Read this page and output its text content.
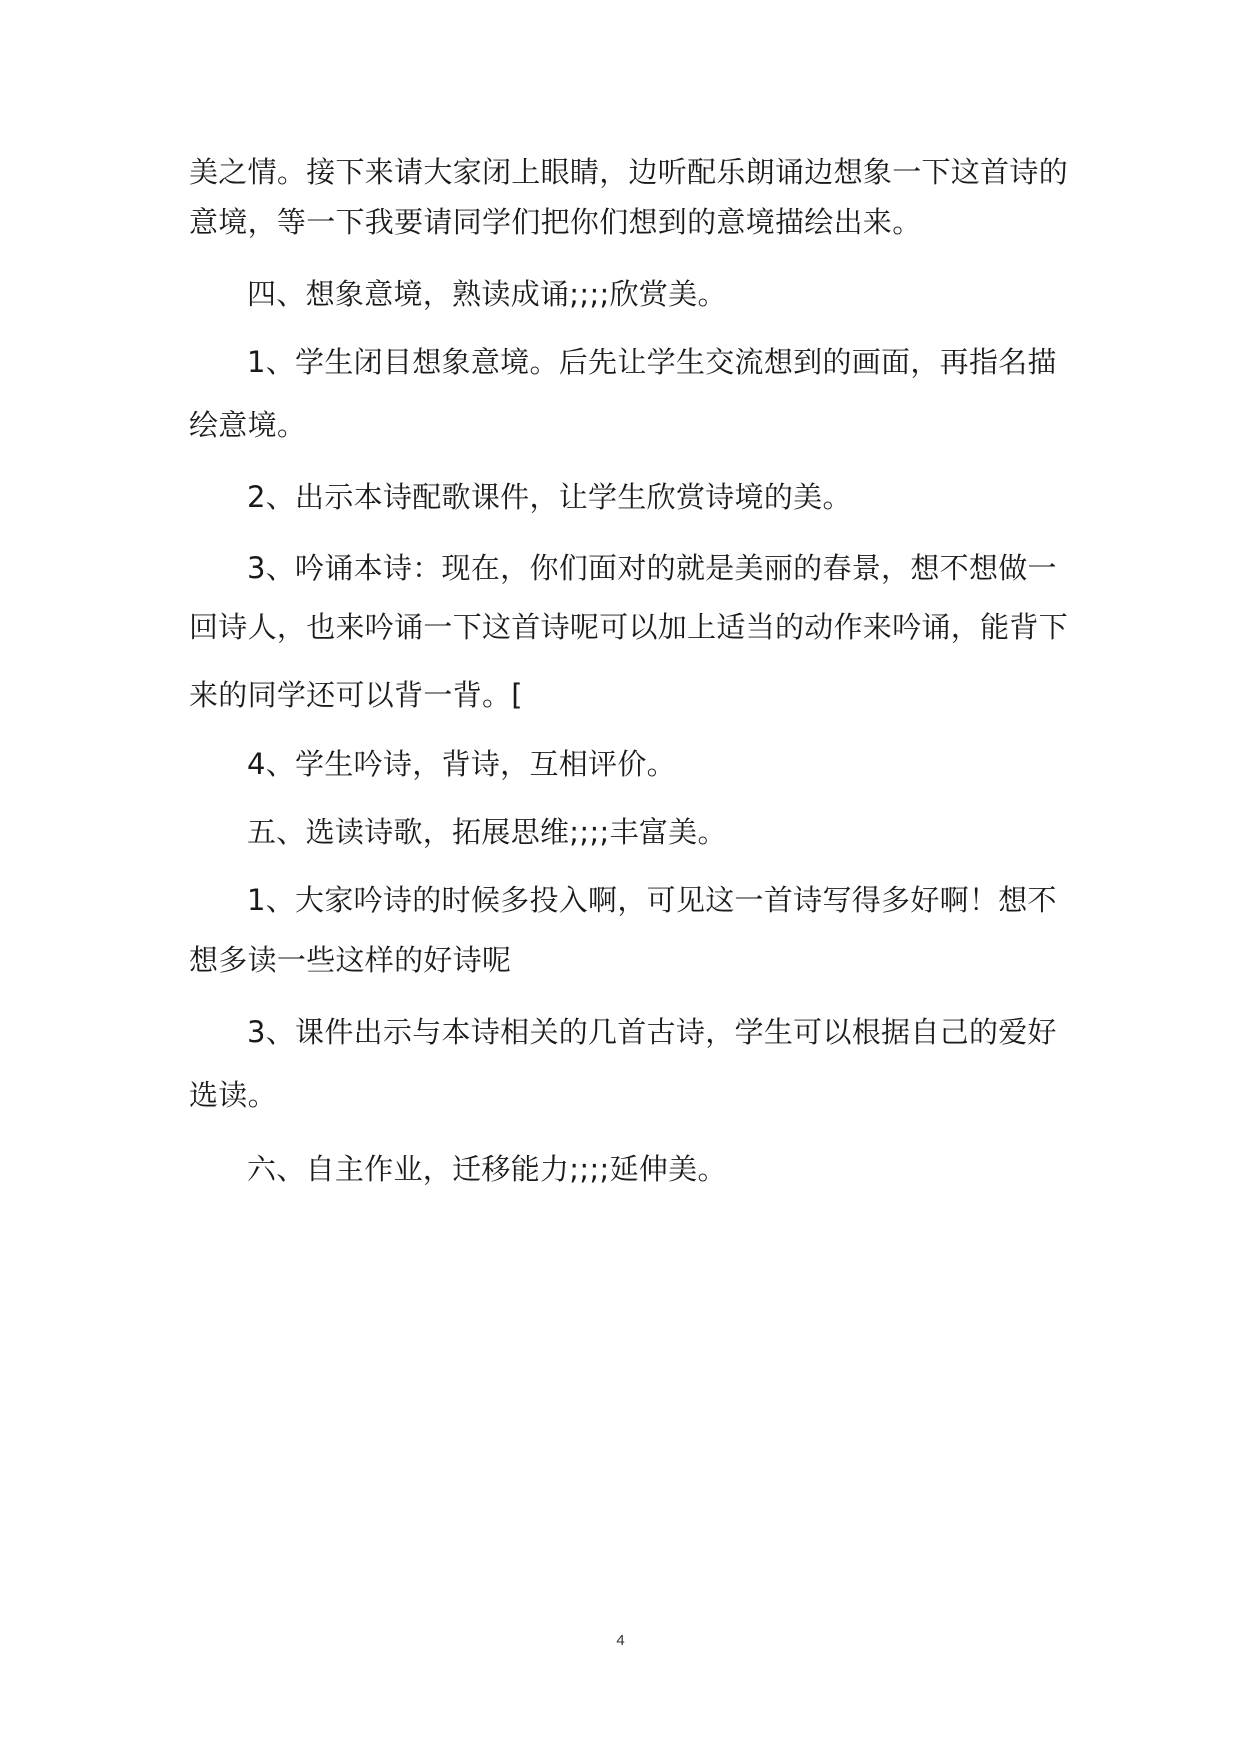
美之情。接下来请大家闭上眼睛，边听配乐朗诵边想象一下这首诗的
意境，等一下我要请同学们把你们想到的意境描绘出来。
四、想象意境，熟读成诵;;;;欣赏美。
1、学生闭目想象意境。后先让学生交流想到的画面，再指名描
绘意境。
2、出示本诗配歌课件，让学生欣赏诗境的美。
3、吟诵本诗：现在，你们面对的就是美丽的春景，想不想做一
回诗人，也来吟诵一下这首诗呢可以加上适当的动作来吟诵，能背下
来的同学还可以背一背。[
4、学生吟诗，背诗，互相评价。
五、选读诗歌，拓展思维;;;;丰富美。
1、大家吟诗的时候多投入啊，可见这一首诗写得多好啊！想不
想多读一些这样的好诗呢
3、课件出示与本诗相关的几首古诗，学生可以根据自己的爱好
选读。
六、自主作业，迁移能力;;;;延伸美。
4
